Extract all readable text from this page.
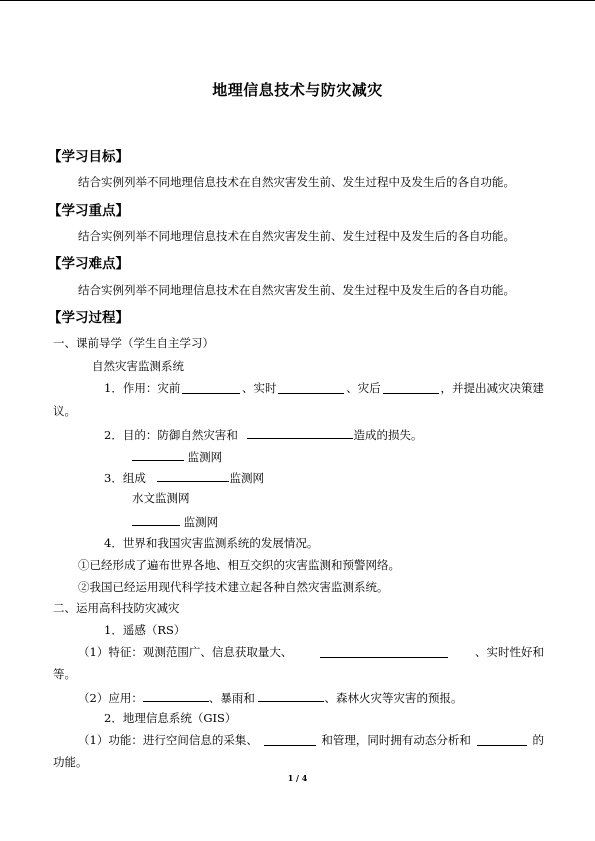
地理信息技术与防灾减灾
【学习目标】
结合实例列举不同地理信息技术在自然灾害发生前、发生过程中及发生后的各自功能。
【学习重点】
结合实例列举不同地理信息技术在自然灾害发生前、发生过程中及发生后的各自功能。
【学习难点】
结合实例列举不同地理信息技术在自然灾害发生前、发生过程中及发生后的各自功能。
【学习过程】
一、课前导学（学生自主学习）
自然灾害监测系统
1．作用：灾前	、实时	、灾后	，并提出减灾决策建
议。
2．目的：防御自然灾害和	造成的损失。
监测网
3．组成	监测网
水文监测网
监测网
4．世界和我国灾害监测系统的发展情况。
①已经形成了遍布世界各地、相互交织的灾害监测和预警网络。
②我国已经运用现代科学技术建立起各种自然灾害监测系统。
二、运用高科技防灾减灾
1．遥感（RS）
（1）特征：观测范围广、信息获取量大、	、实时性好和
等。
（2）应用：	、暴雨和	、森林火灾等灾害的预报。
2．地理信息系统（GIS）
（1）功能：进行空间信息的采集、	和管理，同时拥有动态分析和	的
功能。
1 / 4
